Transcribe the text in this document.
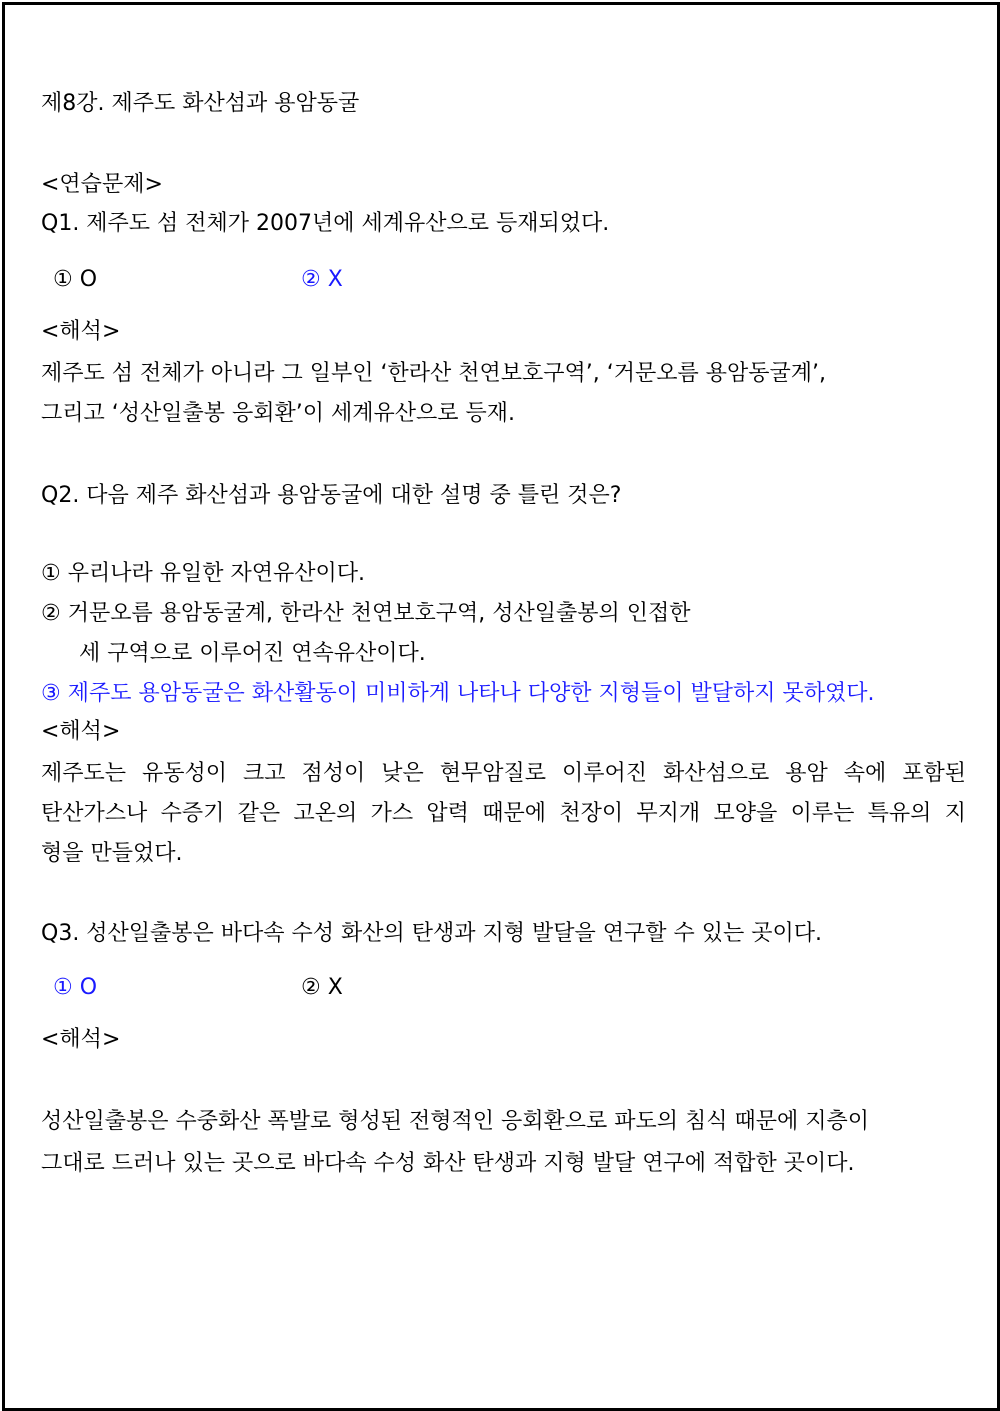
제8강. 제주도 화산섬과 용암동굴
<연습문제>
Q1. 제주도 섬 전체가 2007년에 세계유산으로 등재되었다.
① O	② X
<해석>
제주도 섬 전체가 아니라 그 일부인 ‘한라산 천연보호구역’, ‘거문오름 용암동굴계’,
그리고 ‘성산일출봉 응회환’이 세계유산으로 등재.
Q2. 다음 제주 화산섬과 용암동굴에 대한 설명 중 틀린 것은?
① 우리나라 유일한 자연유산이다.
② 거문오름 용암동굴계, 한라산 천연보호구역, 성산일출봉의 인접한
세 구역으로 이루어진 연속유산이다.
③ 제주도 용암동굴은 화산활동이 미비하게 나타나 다양한 지형들이 발달하지 못하였다.
<해석>
제주도는 유동성이 크고 점성이 낮은 현무암질로 이루어진 화산섬으로 용암 속에 포함된
탄산가스나 수증기 같은 고온의 가스 압력 때문에 천장이 무지개 모양을 이루는 특유의 지
형을 만들었다.
Q3. 성산일출봉은 바다속 수성 화산의 탄생과 지형 발달을 연구할 수 있는 곳이다.
① O	② X
<해석>
성산일출봉은 수중화산 폭발로 형성된 전형적인 응회환으로 파도의 침식 때문에 지층이
그대로 드러나 있는 곳으로 바다속 수성 화산 탄생과 지형 발달 연구에 적합한 곳이다.
